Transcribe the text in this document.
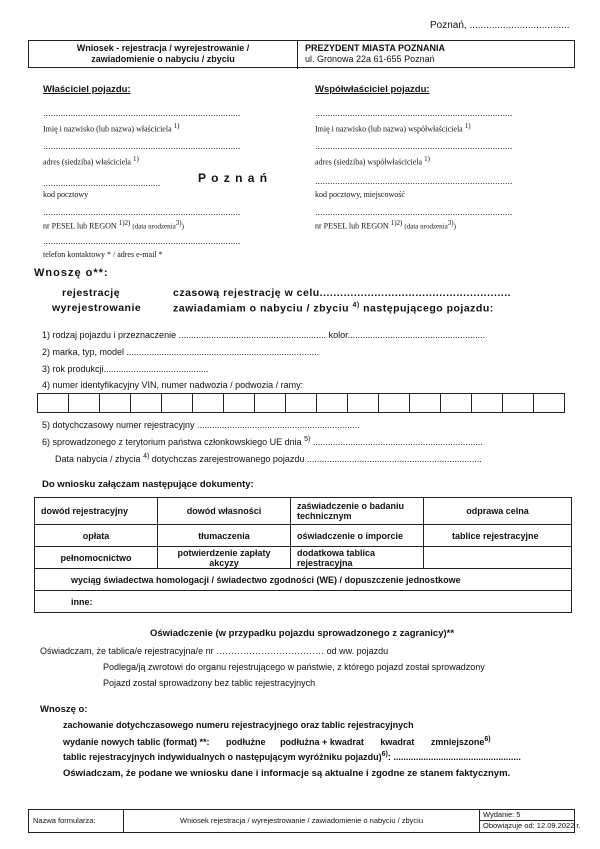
Poznań, ....................................
Wniosek - rejestracja / wyrejestrowanie /
zawiadomienie o nabyciu / zbyciu
PREZYDENT MIASTA POZNANIA
ul. Gronowa 22a 61-655 Poznań
Właściciel pojazdu:
...............................................................................
Imię i nazwisko (lub nazwa) właściciela $^{1)}$
...............................................................................
adres (siedziba) właściciela $^{1)}$
...............................................	P o z n a ń
kod pocztowy
...............................................................................
nr PESEL lub REGON $^{1)2)}$ (data urodzenia$^{3)}$)
...............................................................................
telefon kontaktowy * / adres e-mail *
Współwłaściciel pojazdu:
...............................................................................
Imię i nazwisko (lub nazwa) współwłaściciela $^{1)}$
...............................................................................
adres (siedziba) współwłaściciela $^{1)}$
...............................................................................
kod pocztowy, miejscowość
...............................................................................
nr PESEL lub REGON $^{1)2)}$ (data urodzenia$^{3)}$)
Wnoszę o**:
rejestrację	czasową rejestrację w celu........................................................
wyrejestrowanie	zawiadamiam o nabyciu / zbyciu $^{4)}$ następującego pojazdu:
1) rodzaj pojazdu i przeznaczenie ........................................................... kolor.......................................................
2) marka, typ, model .............................................................................
3) rok produkcji..........................................
4) numer identyfikacyjny VIN, numer nadwozia / podwozia / ramy:

5) dotychczasowy numer rejestracyjny .................................................................
6) sprowadzonego z terytorium państwa członkowskiego UE dnia $^{5)}$ ....................................................................
Data nabycia / zbycia $^{4)}$ dotychczas zarejestrowanego pojazdu ......................................................................
Do wniosku załączam następujące dokumenty:
dowód rejestracyjny	dowód własności	zaświadczenie o badaniu technicznym	odprawa celna
opłata	tłumaczenia	oświadczenie o imporcie	tablice rejestracyjne
pełnomocnictwo	potwierdzenie zapłaty akcyzy	dodatkowa tablica rejestracyjna	
wyciąg świadectwa homologacji / świadectwo zgodności (WE) / dopuszczenie jednostkowe			
inne:			
Oświadczenie (w przypadku pojazdu sprowadzonego z zagranicy)**
Oświadczam, że tablica/e rejestracyjna/e nr ……………………………… od ww. pojazdu
Podlega/ją zwrotowi do organu rejestrującego w państwie, z którego pojazd został sprowadzony
Pojazd został sprowadzony bez tablic rejestracyjnych
Wnoszę o:
zachowanie dotychczasowego numeru rejestracyjnego oraz tablic rejestracyjnych
wydanie nowych tablic (format) **: podłużne podłużna + kwadrat kwadrat zmniejszone$^{6)}$
tablic rejestracyjnych indywidualnych o następującym wyróżniku pojazdu)$^{6)}$: ...................................................
Oświadczam, że podane we wniosku dane i informacje są aktualne i zgodne ze stanem faktycznym.
Nazwa formularza:	Wniosek rejestracja / wyrejestrowanie / zawiadomienie o nabyciu / zbyciu
Wydanie: 5
Obowiązuje od: 12.09.2022 r.
